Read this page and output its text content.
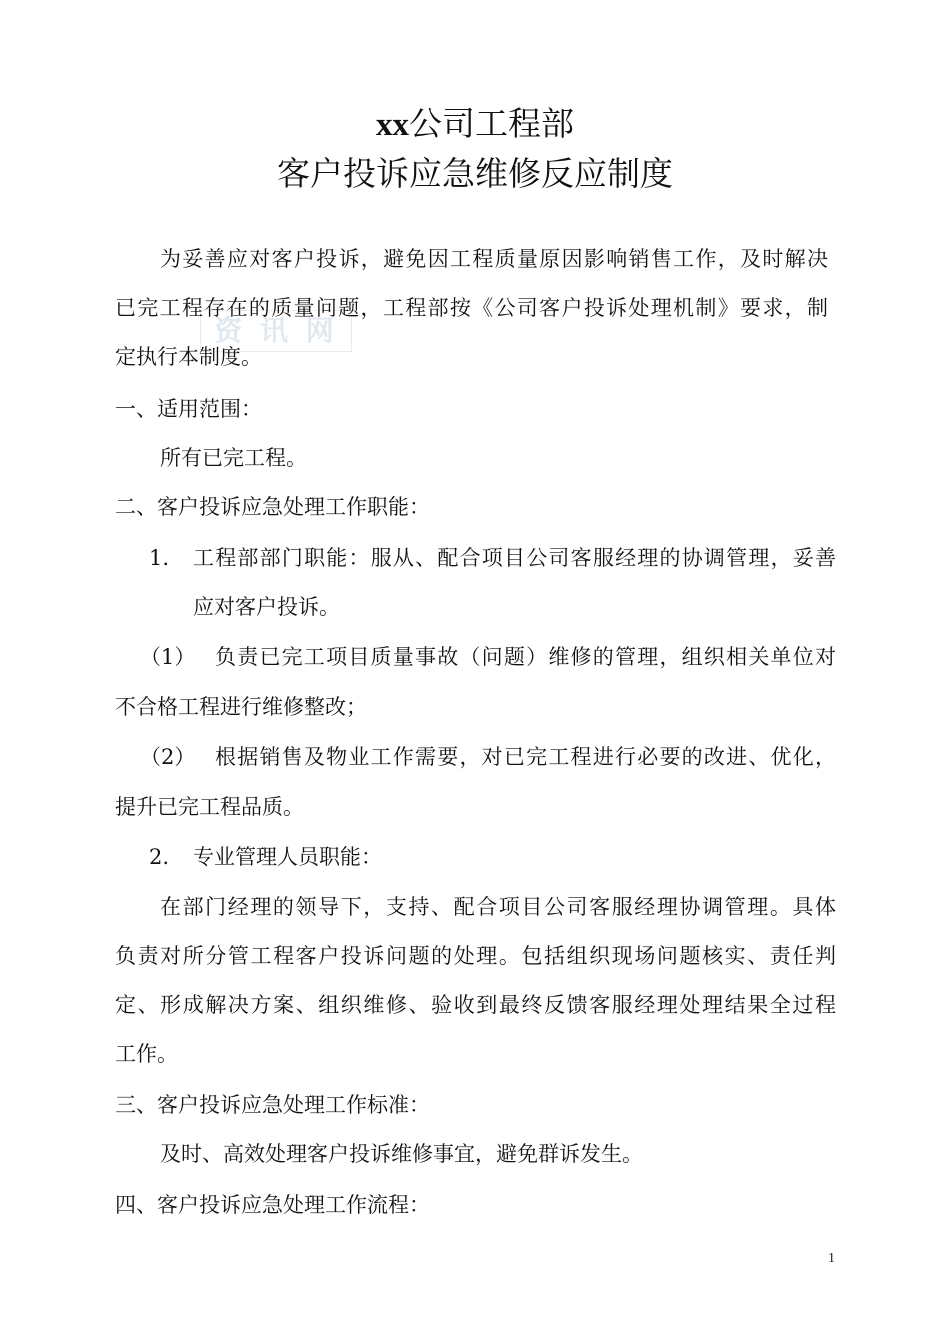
xx公司工程部
客户投诉应急维修反应制度
资 讯 网
为妥善应对客户投诉，避免因工程质量原因影响销售工作，及时解决
已完工程存在的质量问题，工程部按《公司客户投诉处理机制》要求，制
定执行本制度。
一、适用范围：
所有已完工程。
二、客户投诉应急处理工作职能：
1. 工程部部门职能：服从、配合项目公司客服经理的协调管理，妥善
应对客户投诉。
（1） 负责已完工项目质量事故（问题）维修的管理，组织相关单位对
不合格工程进行维修整改；
（2） 根据销售及物业工作需要，对已完工程进行必要的改进、优化，
提升已完工程品质。
2. 专业管理人员职能：
在部门经理的领导下，支持、配合项目公司客服经理协调管理。具体
负责对所分管工程客户投诉问题的处理。包括组织现场问题核实、责任判
定、形成解决方案、组织维修、验收到最终反馈客服经理处理结果全过程
工作。
三、客户投诉应急处理工作标准：
及时、高效处理客户投诉维修事宜，避免群诉发生。
四、客户投诉应急处理工作流程：
1
